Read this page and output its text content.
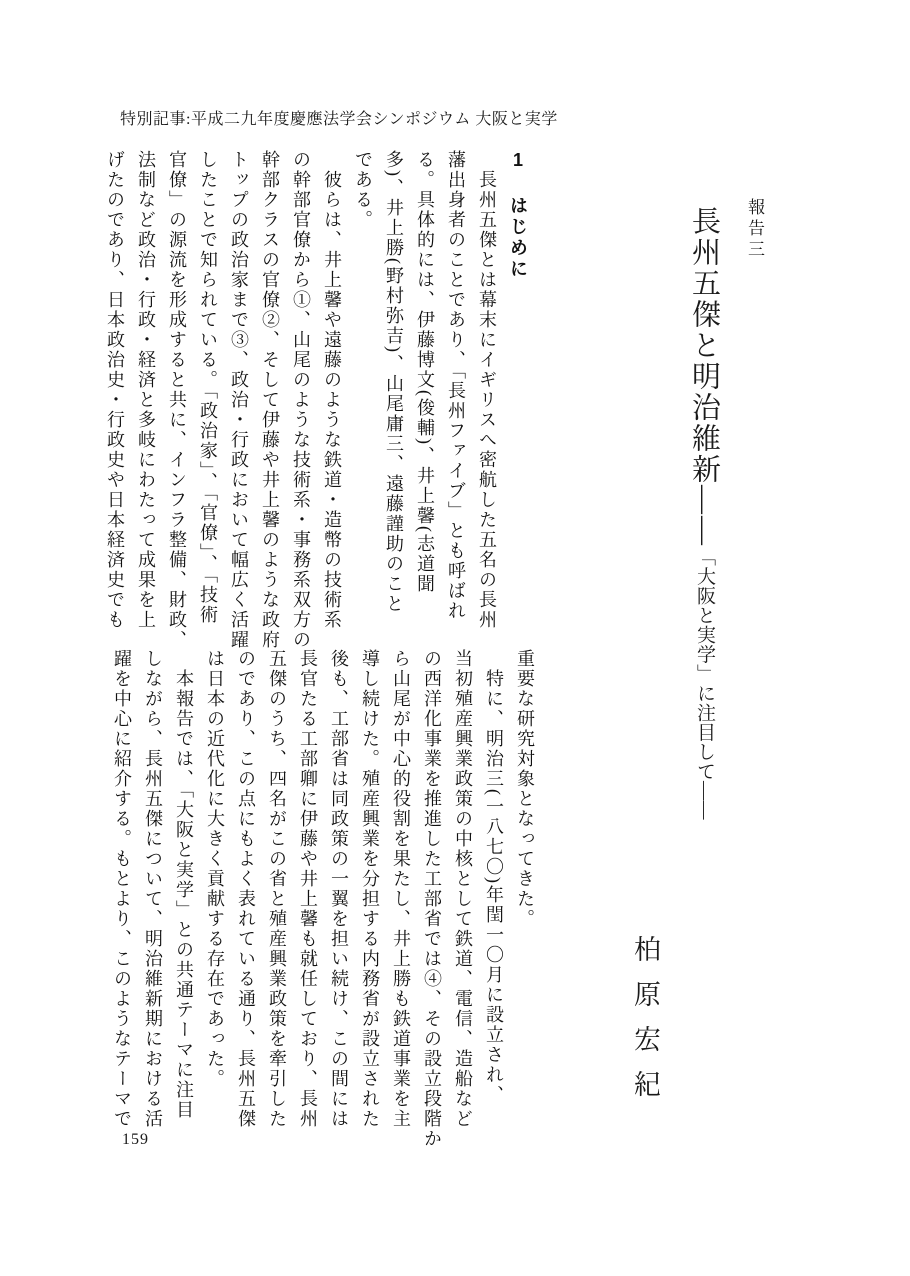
特別記事:平成二九年度慶應法学会シンポジウム 大阪と実学
報告三
長州五傑と明治維新――「大阪と実学」に注目して――
柏原宏紀
1 はじめに
長州五傑とは幕末にイギリスへ密航した五名の長州
藩出身者のことであり、「長州ファイブ」とも呼ばれ
る。具体的には、伊藤博文(俊輔)、井上馨(志道聞
多)、井上勝(野村弥吉)、山尾庸三、遠藤謹助のこと
である。
彼らは、井上馨や遠藤のような鉄道・造幣の技術系
の幹部官僚から①、山尾のような技術系・事務系双方の
幹部クラスの官僚②、そして伊藤や井上馨のような政府
トップの政治家まで③、政治・行政において幅広く活躍
したことで知られている。「政治家」、「官僚」、「技術
官僚」の源流を形成すると共に、インフラ整備、財政、
法制など政治・行政・経済と多岐にわたって成果を上
げたのであり、日本政治史・行政史や日本経済史でも
重要な研究対象となってきた。
特に、明治三(一八七〇)年閏一〇月に設立され、
当初殖産興業政策の中核として鉄道、電信、造船など
の西洋化事業を推進した工部省では④、その設立段階か
ら山尾が中心的役割を果たし、井上勝も鉄道事業を主
導し続けた。殖産興業を分担する内務省が設立された
後も、工部省は同政策の一翼を担い続け、この間には
長官たる工部卿に伊藤や井上馨も就任しており、長州
五傑のうち、四名がこの省と殖産興業政策を牽引した
のであり、この点にもよく表れている通り、長州五傑
は日本の近代化に大きく貢献する存在であった。
本報告では、「大阪と実学」との共通テーマに注目
しながら、長州五傑について、明治維新期における活
躍を中心に紹介する。もとより、このようなテーマで
159
